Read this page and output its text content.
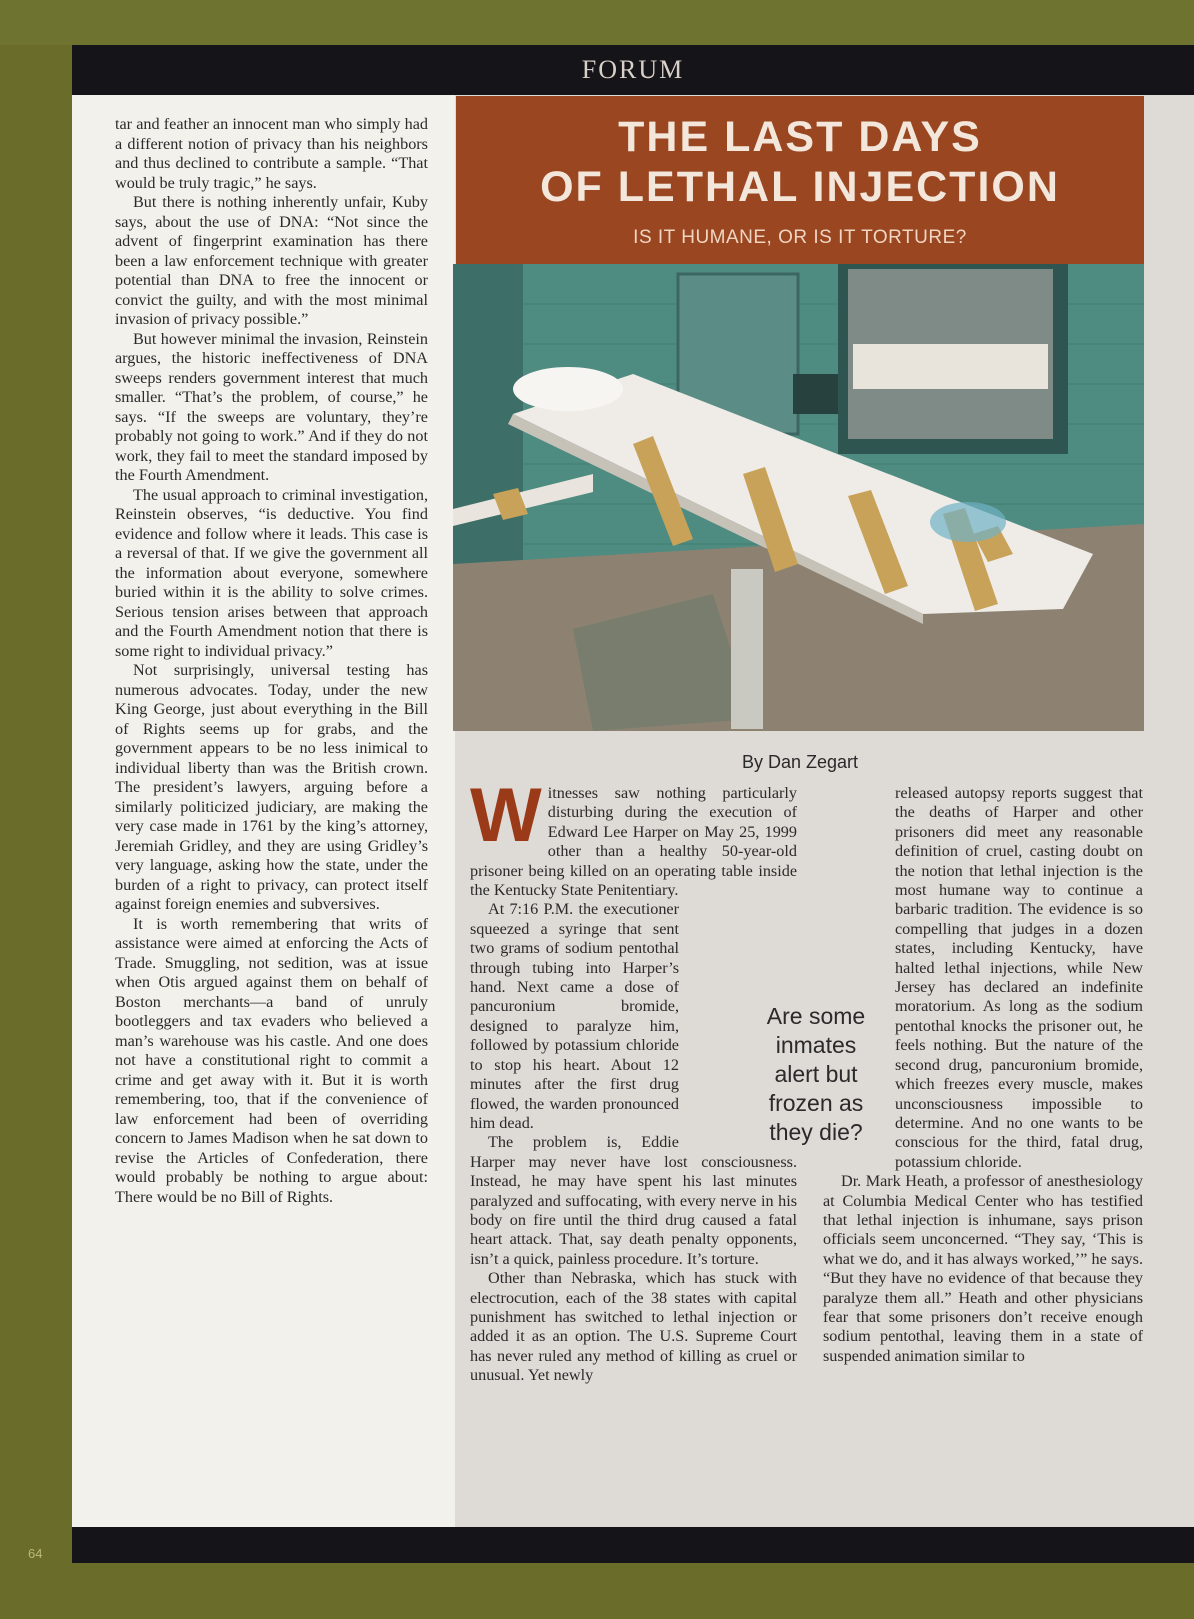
FORUM

tar and feather an innocent man who simply had a different notion of privacy than his neighbors and thus declined to contribute a sample. “That would be truly tragic,” he says.

But there is nothing inherently unfair, Kuby says, about the use of DNA: “Not since the advent of fingerprint examination has there been a law enforcement technique with greater potential than DNA to free the innocent or convict the guilty, and with the most minimal invasion of privacy possible.”

But however minimal the invasion, Reinstein argues, the historic ineffectiveness of DNA sweeps renders government interest that much smaller. “That’s the problem, of course,” he says. “If the sweeps are voluntary, they’re probably not going to work.” And if they do not work, they fail to meet the standard imposed by the Fourth Amendment.

The usual approach to criminal investigation, Reinstein observes, “is deductive. You find evidence and follow where it leads. This case is a reversal of that. If we give the government all the information about everyone, somewhere buried within it is the ability to solve crimes. Serious tension arises between that approach and the Fourth Amendment notion that there is some right to individual privacy.”

Not surprisingly, universal testing has numerous advocates. Today, under the new King George, just about everything in the Bill of Rights seems up for grabs, and the government appears to be no less inimical to individual liberty than was the British crown. The president’s lawyers, arguing before a similarly politicized judiciary, are making the very case made in 1761 by the king’s attorney, Jeremiah Gridley, and they are using Gridley’s very language, asking how the state, under the burden of a right to privacy, can protect itself against foreign enemies and subversives.

It is worth remembering that writs of assistance were aimed at enforcing the Acts of Trade. Smuggling, not sedition, was at issue when Otis argued against them on behalf of Boston merchants—a band of unruly bootleggers and tax evaders who believed a man’s warehouse was his castle. And one does not have a constitutional right to commit a crime and get away with it. But it is worth remembering, too, that if the convenience of law enforcement had been of overriding concern to James Madison when he sat down to revise the Articles of Confederation, there would probably be nothing to argue about: There would be no Bill of Rights.

THE LAST DAYS
OF LETHAL INJECTION
IS IT HUMANE, OR IS IT TORTURE?
By Dan Zegart
W itnesses saw nothing particularly disturbing during the execution of Edward Lee Harper on May 25, 1999 other than a healthy 50-year-old prisoner being killed on an operating table inside the Kentucky State Penitentiary.

At 7:16 P.M. the executioner squeezed a syringe that sent two grams of sodium pentothal through tubing into Harper’s hand. Next came a dose of pancuronium bromide, designed to paralyze him, followed by potassium chloride to stop his heart. About 12 minutes after the first drug flowed, the warden pronounced him dead.

The problem is, Eddie Harper may never have lost consciousness. Instead, he may have spent his last minutes paralyzed and suffocating, with every nerve in his body on fire until the third drug caused a fatal heart attack. That, say death penalty opponents, isn’t a quick, painless procedure. It’s torture.

Other than Nebraska, which has stuck with electrocution, each of the 38 states with capital punishment has switched to lethal injection or added it as an option. The U.S. Supreme Court has never ruled any method of killing as cruel or unusual. Yet newly

released autopsy reports suggest that the deaths of Harper and other prisoners did meet any reasonable definition of cruel, casting doubt on the notion that lethal injection is the most humane way to continue a barbaric tradition. The evidence is so compelling that judges in a dozen states, including Kentucky, have halted lethal injections, while New Jersey has declared an indefinite moratorium. As long as the sodium pentothal knocks the prisoner out, he feels nothing. But the nature of the second drug, pancuronium bromide, which freezes every muscle, makes unconsciousness impossible to determine. And no one wants to be conscious for the third, fatal drug, potassium chloride.

Dr. Mark Heath, a professor of anesthesiology at Columbia Medical Center who has testified that lethal injection is inhumane, says prison officials seem unconcerned. “They say, ‘This is what we do, and it has always worked,’” he says. “But they have no evidence of that because they paralyze them all.” Heath and other physicians fear that some prisoners don’t receive enough sodium pentothal, leaving them in a state of suspended animation similar to

Are some inmates alert but frozen as they die?
64
